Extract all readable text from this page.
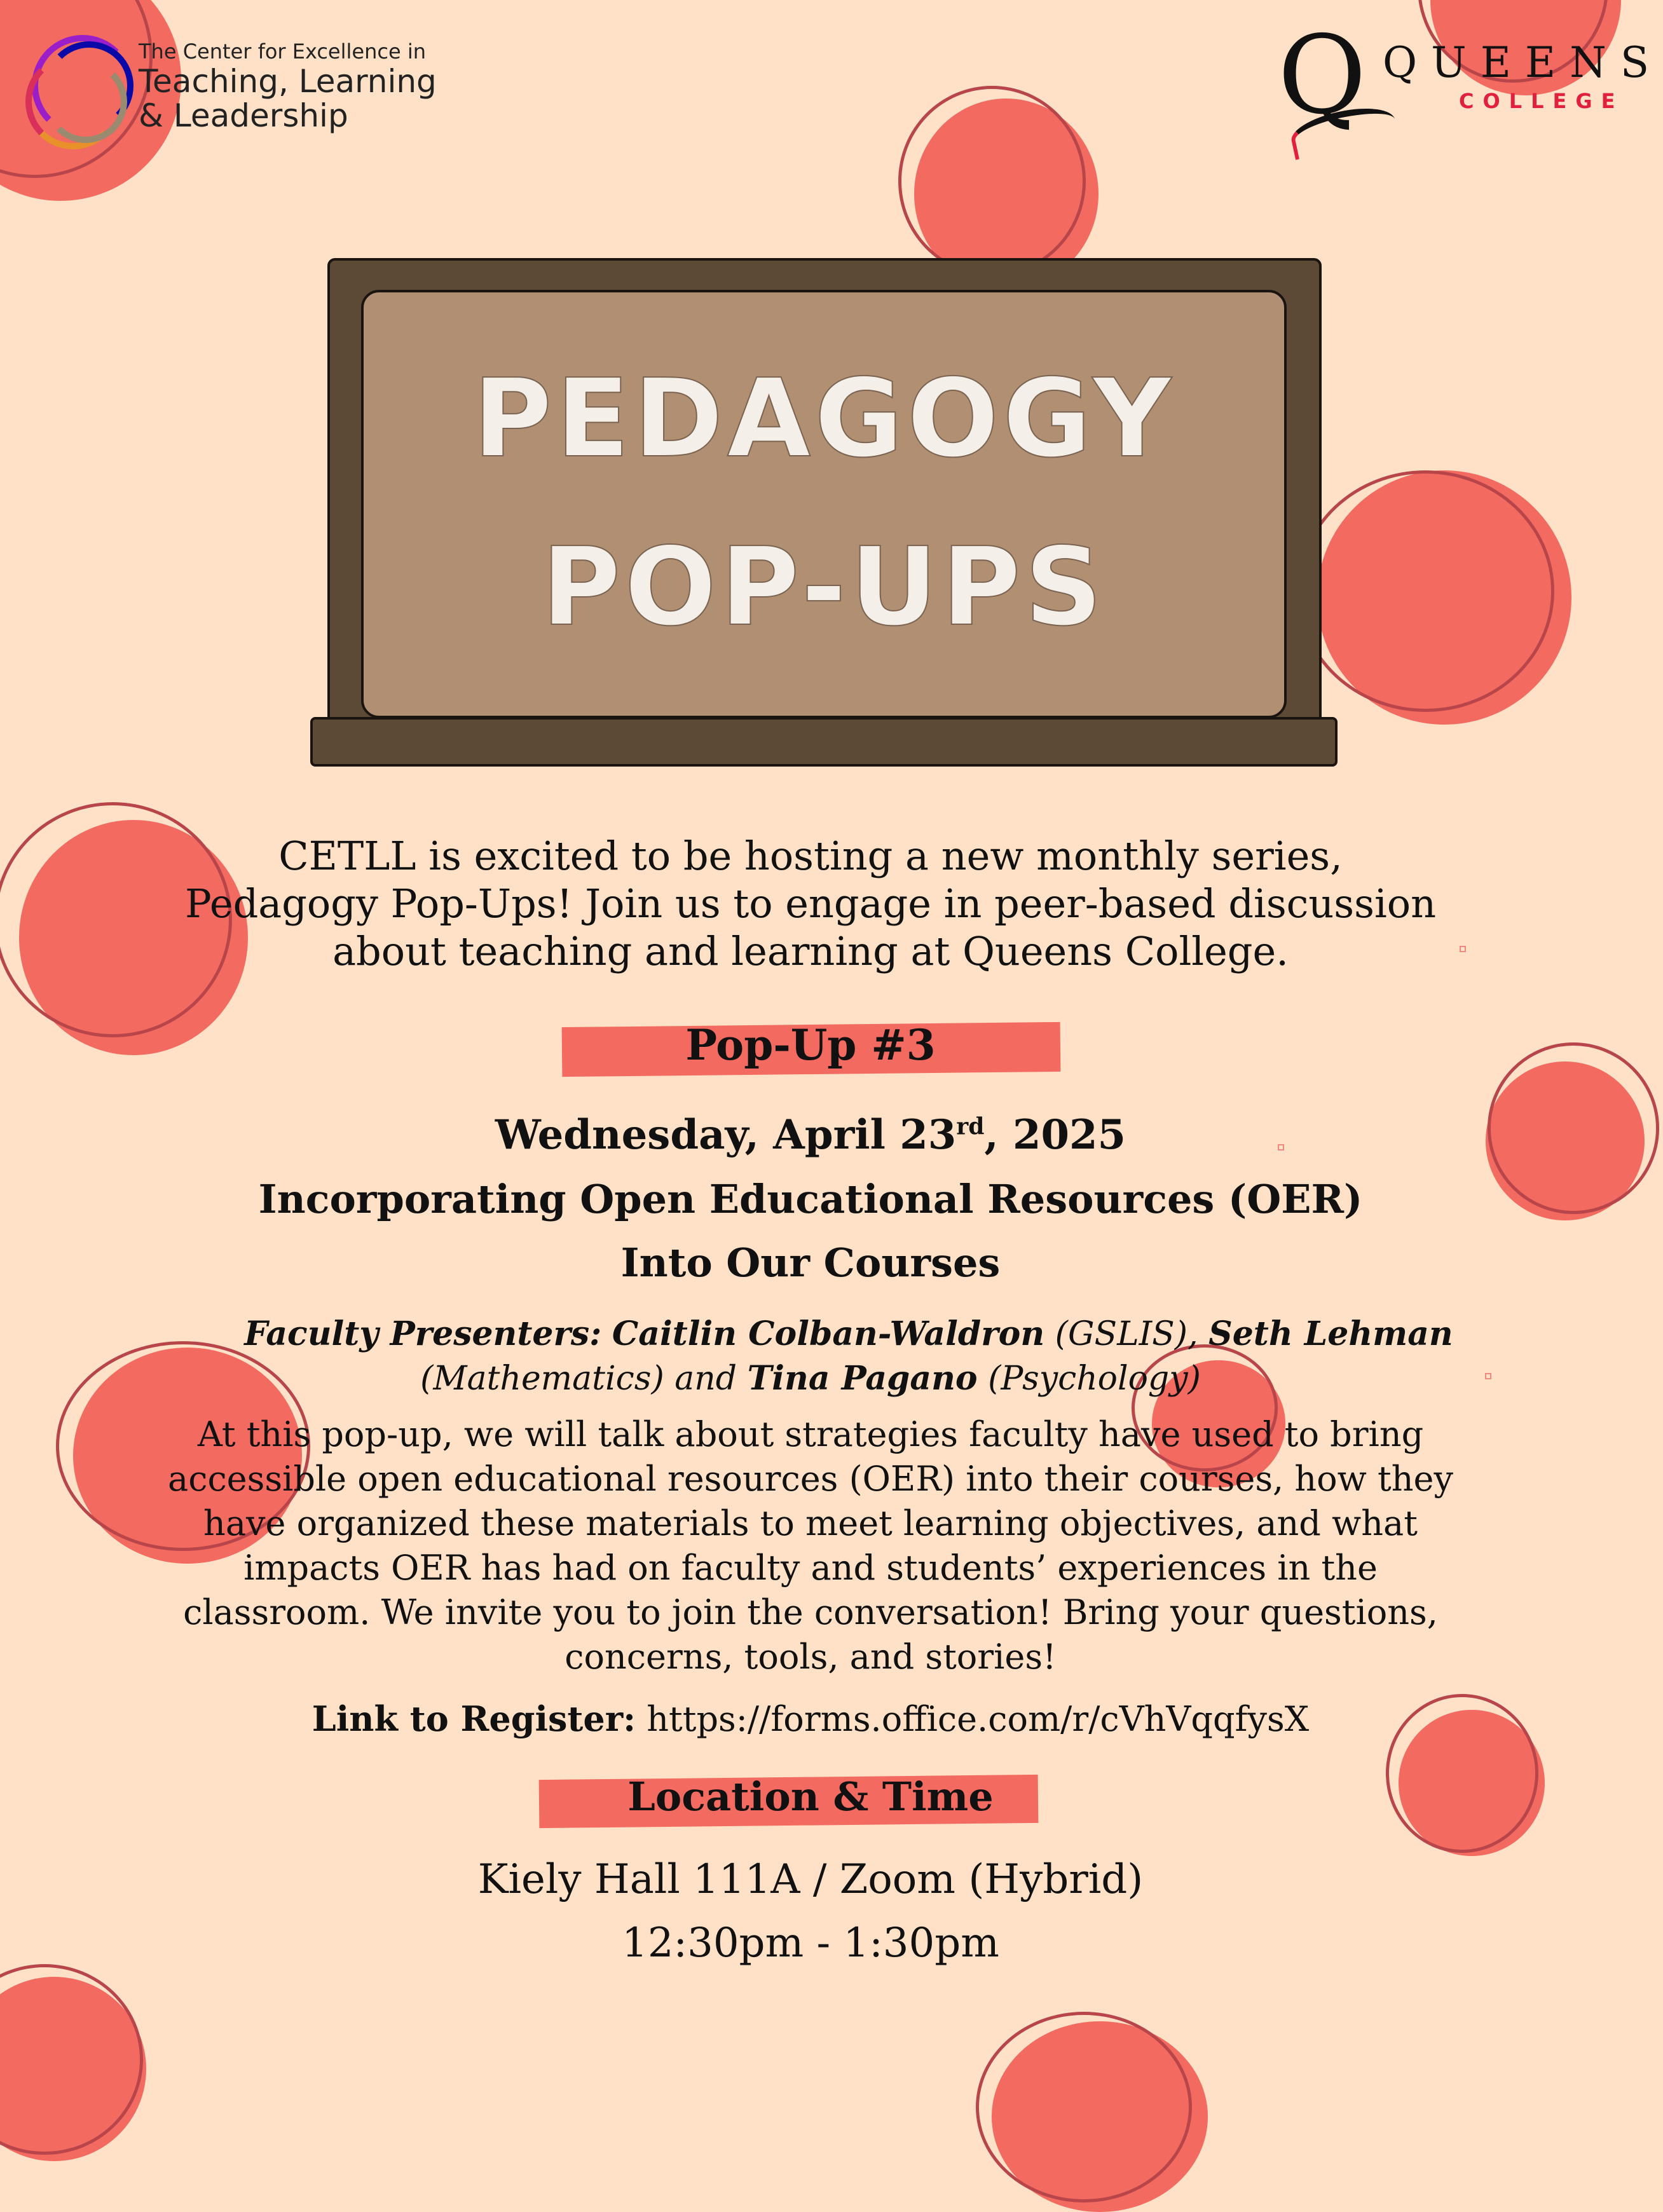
The Center for Excellence in
Teaching, Learning
& Leadership	Q QUEENS
COLLEGE
PEDAGOGY
POP-UPS
CETLL is excited to be hosting a new monthly series,
Pedagogy Pop-Ups! Join us to engage in peer-based discussion
about teaching and learning at Queens College.
Pop-Up #3
Wednesday, April 23rd, 2025
Incorporating Open Educational Resources (OER)
Into Our Courses
Faculty Presenters: Caitlin Colban-Waldron (GSLIS), Seth Lehman
(Mathematics) and Tina Pagano (Psychology)
At this pop-up, we will talk about strategies faculty have used to bring
accessible open educational resources (OER) into their courses, how they
have organized these materials to meet learning objectives, and what
impacts OER has had on faculty and students’ experiences in the
classroom. We invite you to join the conversation! Bring your questions,
concerns, tools, and stories!
Link to Register: https://forms.office.com/r/cVhVqqfysX
Location & Time
Kiely Hall 111A / Zoom (Hybrid)
12:30pm - 1:30pm
